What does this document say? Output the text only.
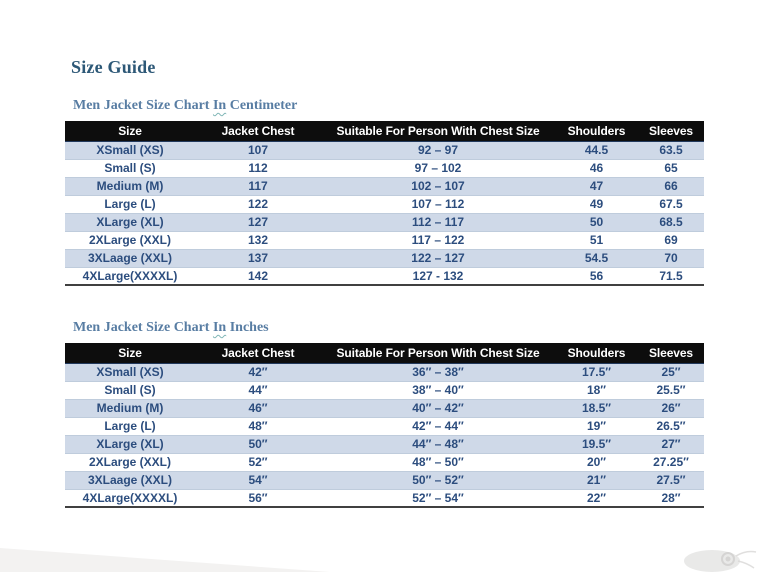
Size Guide
Men Jacket Size Chart In Centimeter
Size	Jacket Chest	Suitable For Person With Chest Size	Shoulders	Sleeves
XSmall (XS)	107	92 – 97	44.5	63.5
Small (S)	112	97 – 102	46	65
Medium (M)	117	102 – 107	47	66
Large (L)	122	107 – 112	49	67.5
XLarge (XL)	127	112 – 117	50	68.5
2XLarge (XXL)	132	117 – 122	51	69
3XLaage (XXL)	137	122 – 127	54.5	70
4XLarge(XXXXL)	142	127 - 132	56	71.5
Men Jacket Size Chart In Inches
Size	Jacket Chest	Suitable For Person With Chest Size	Shoulders	Sleeves
XSmall (XS)	42″	36″ – 38″	17.5″	25″
Small (S)	44″	38″ – 40″	18″	25.5″
Medium (M)	46″	40″ – 42″	18.5″	26″
Large (L)	48″	42″ – 44″	19″	26.5″
XLarge (XL)	50″	44″ – 48″	19.5″	27″
2XLarge (XXL)	52″	48″ – 50″	20″	27.25″
3XLaage (XXL)	54″	50″ – 52″	21″	27.5″
4XLarge(XXXXL)	56″	52″ – 54″	22″	28″
